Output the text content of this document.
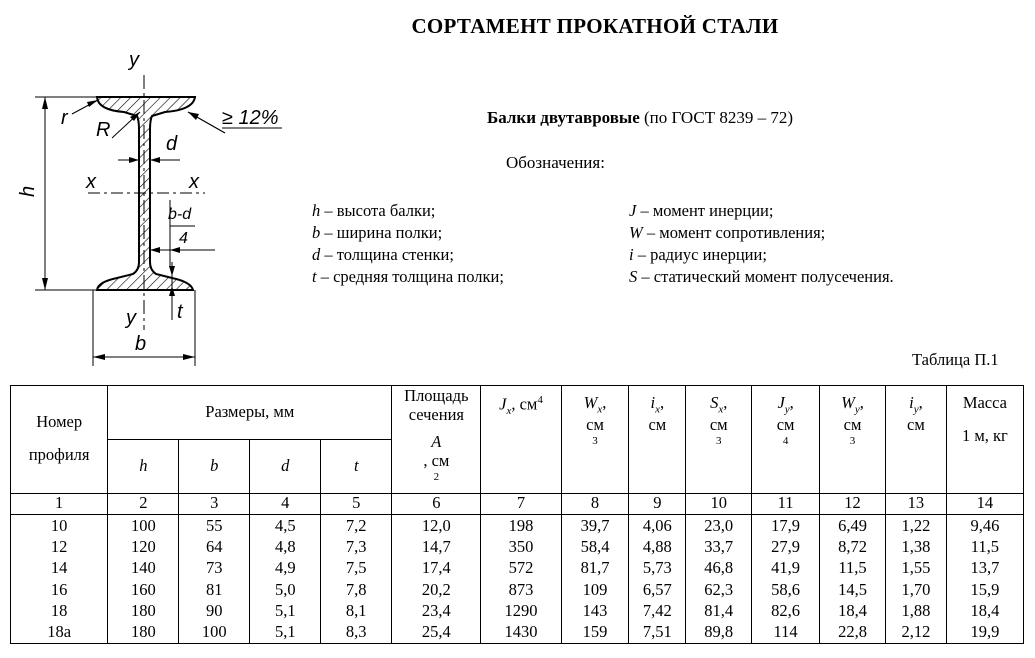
СОРТАМЕНТ ПРОКАТНОЙ СТАЛИ
Балки двутавровые (по ГОСТ 8239 – 72)
Обозначения:
h – высота балки;
b – ширина полки;
d – толщина стенки;
t – средняя толщина полки;
J – момент инерции;
W – момент сопротивления;
i – радиус инерции;
S – статический момент полусечения.
y
y
x	x
r
R
d
≥ 12%
b
t
h
b-d
4
Таблица П.1
Номер
профиля	Размеры, мм				Площадь
сечения
A
, см
$^2$	$J_x$, $см^4$	$W_x$,
см
$^3$	$i_x$,
см	$S_x$,
см
$^3$	$J_y$,
см
$^4$	$W_y$,
см
$^3$	$i_y$,
см	Масса
1 м, кг

	h	b	d	t									
1	2	3	4	5	6	7	8	9	10	11	12	13	14
10	100	55	4,5	7,2	12,0	198	39,7	4,06	23,0	17,9	6,49	1,22	9,46
12	120	64	4,8	7,3	14,7	350	58,4	4,88	33,7	27,9	8,72	1,38	11,5
14	140	73	4,9	7,5	17,4	572	81,7	5,73	46,8	41,9	11,5	1,55	13,7
16	160	81	5,0	7,8	20,2	873	109	6,57	62,3	58,6	14,5	1,70	15,9
18	180	90	5,1	8,1	23,4	1290	143	7,42	81,4	82,6	18,4	1,88	18,4
18а	180	100	5,1	8,3	25,4	1430	159	7,51	89,8	114	22,8	2,12	19,9
